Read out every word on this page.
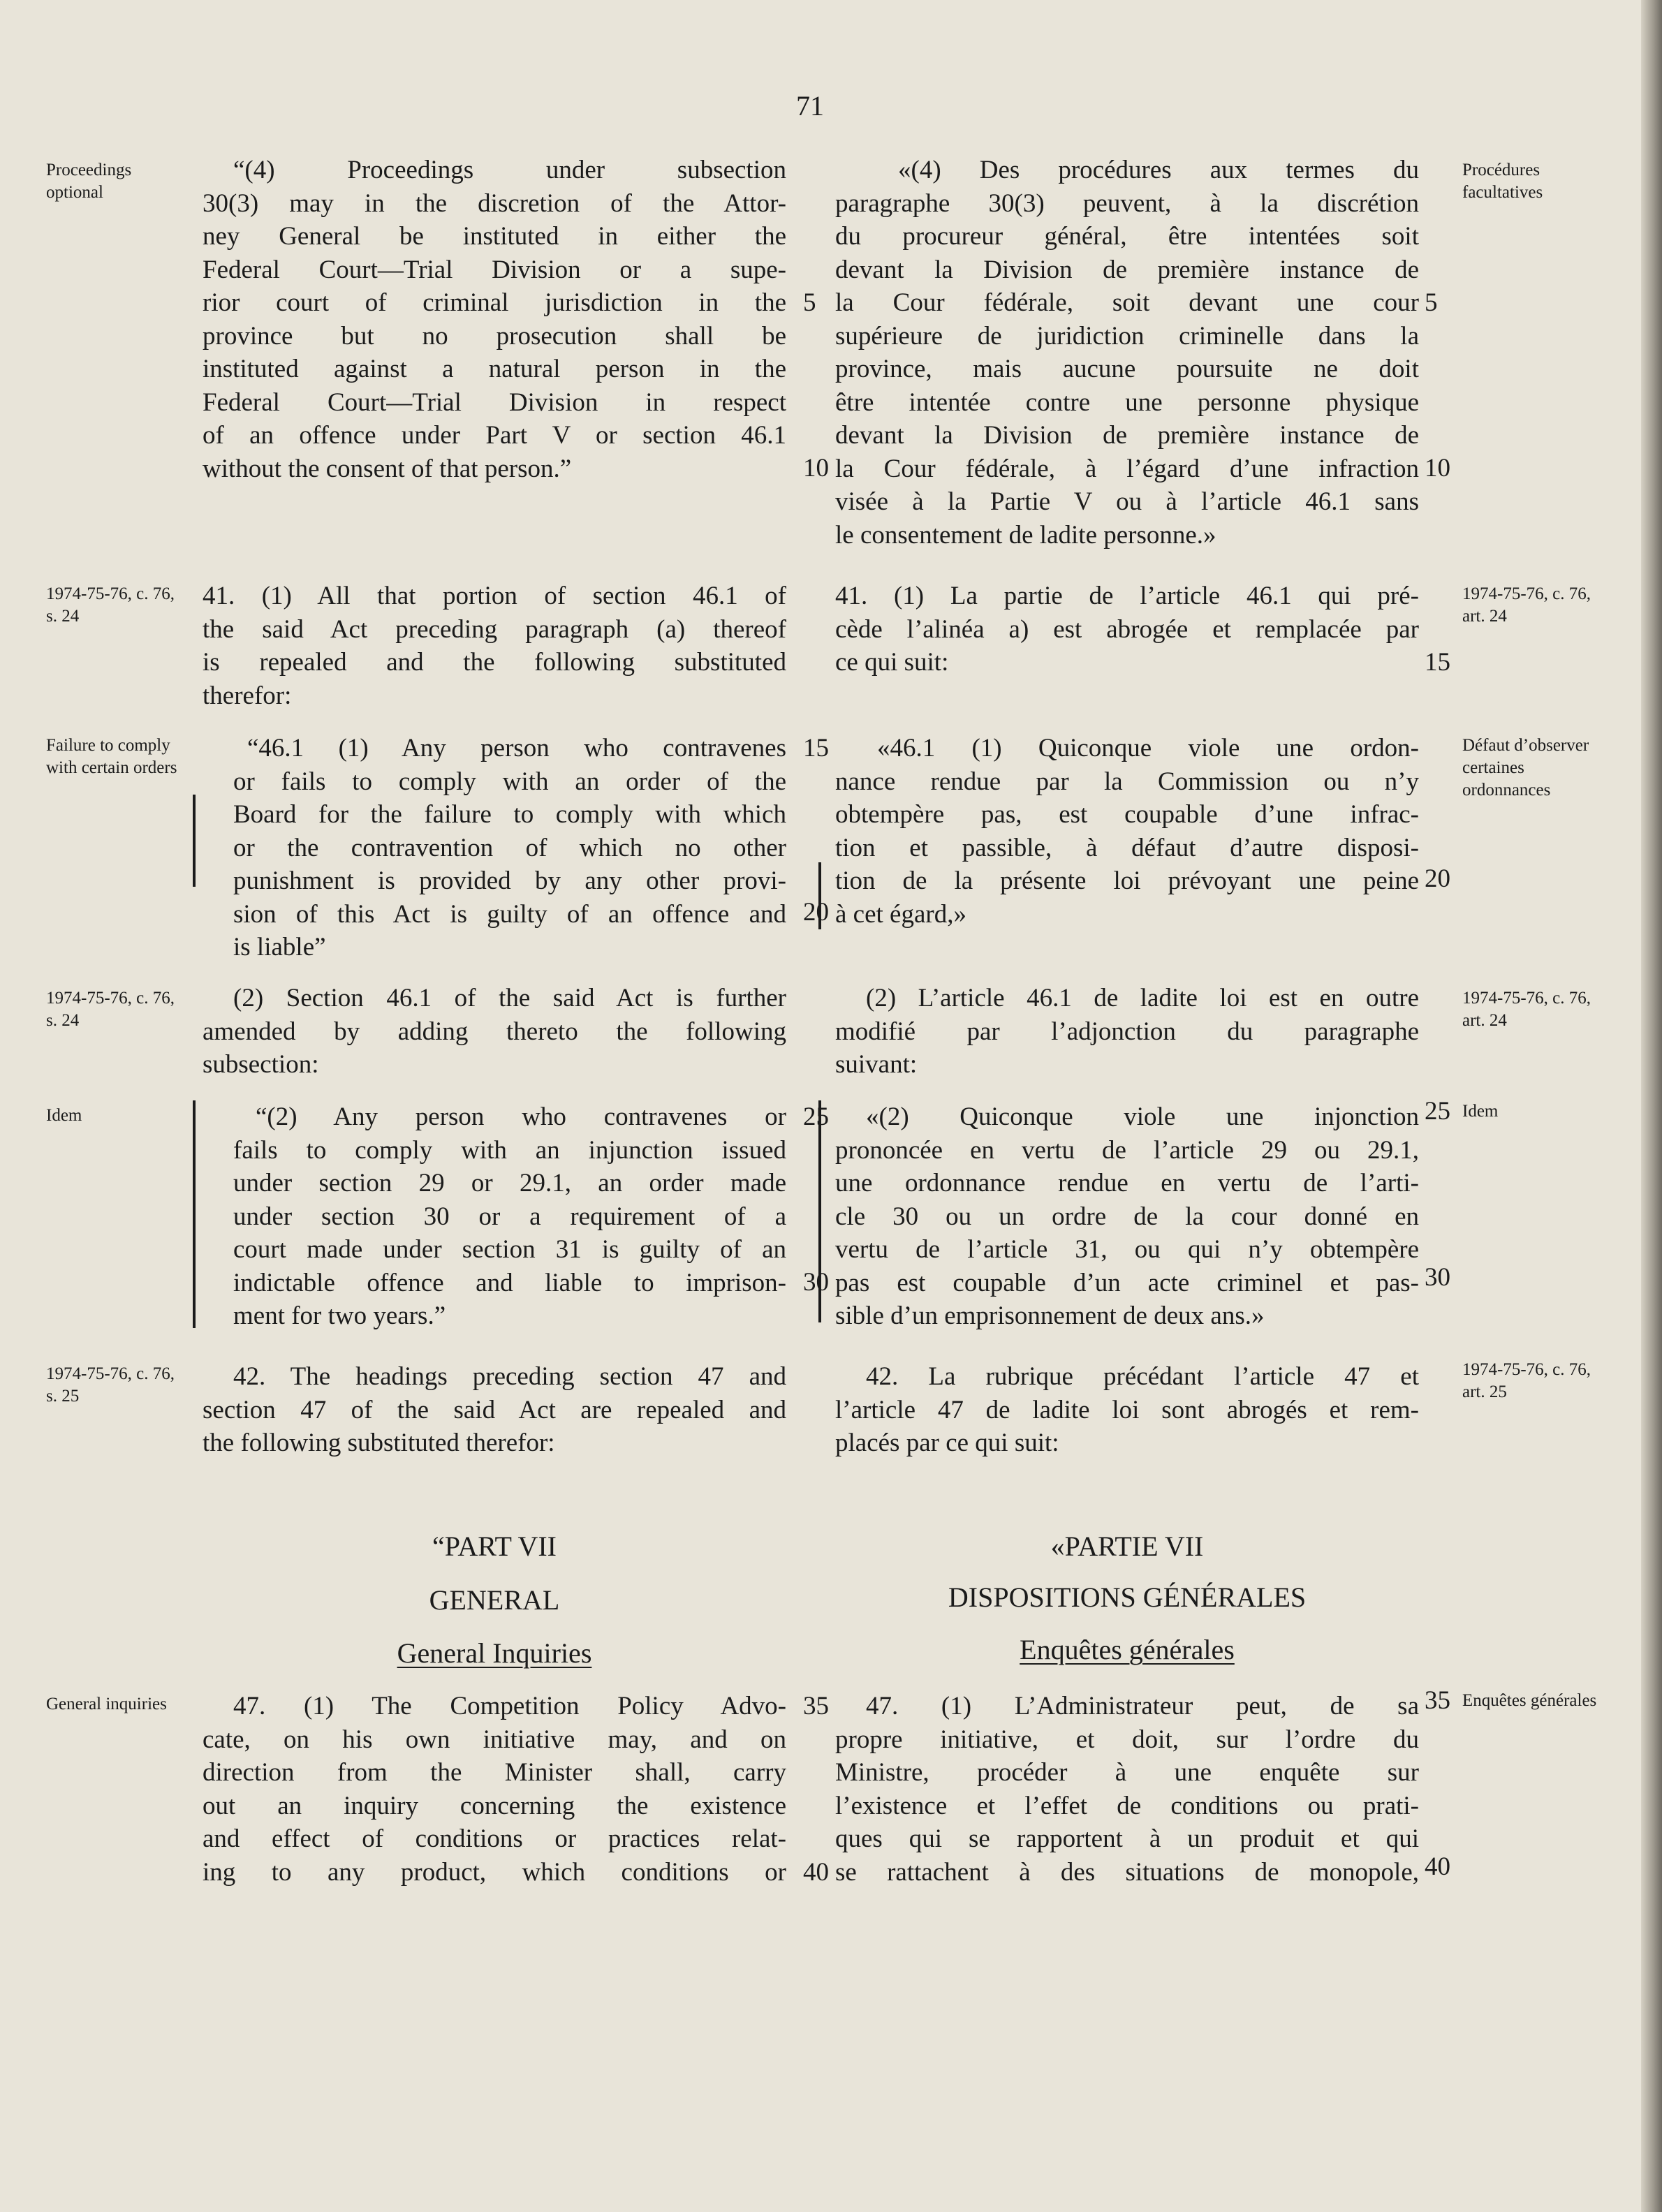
71
Proceedings optional
Procédures facultatives

“(4) Proceedings under subsection

30(3) may in the discretion of the Attor-

ney General be instituted in either the

Federal Court—Trial Division or a supe-

rior court of criminal jurisdiction in the

province but no prosecution shall be

instituted against a natural person in the

Federal Court—Trial Division in respect

of an offence under Part V or section 46.1

without the consent of that person.”

«(4) Des procédures aux termes du

paragraphe 30(3) peuvent, à la discrétion

du procureur général, être intentées soit

devant la Division de première instance de

la Cour fédérale, soit devant une cour

supérieure de juridiction criminelle dans la

province, mais aucune poursuite ne doit

être intentée contre une personne physique

devant la Division de première instance de

la Cour fédérale, à l’égard d’une infraction

visée à la Partie V ou à l’article 46.1 sans

le consentement de ladite personne.»

1974-75-76, c. 76, s. 24
1974-75-76, c. 76, art. 24

41. (1) All that portion of section 46.1 of

the said Act preceding paragraph (a) thereof

is repealed and the following substituted

therefor:

41. (1) La partie de l’article 46.1 qui pré-

cède l’alinéa a) est abrogée et remplacée par

ce qui suit:

Failure to comply with certain orders
Défaut d’observer certaines ordonnances

“46.1 (1) Any person who contravenes

or fails to comply with an order of the

Board for the failure to comply with which

or the contravention of which no other

punishment is provided by any other provi-

sion of this Act is guilty of an offence and

is liable”

«46.1 (1) Quiconque viole une ordon-

nance rendue par la Commission ou n’y

obtempère pas, est coupable d’une infrac-

tion et passible, à défaut d’autre disposi-

tion de la présente loi prévoyant une peine

à cet égard,»

1974-75-76, c. 76, s. 24
1974-75-76, c. 76, art. 24

(2) Section 46.1 of the said Act is further

amended by adding thereto the following

subsection:

(2) L’article 46.1 de ladite loi est en outre

modifié par l’adjonction du paragraphe

suivant:

Idem	Idem

“(2) Any person who contravenes or

fails to comply with an injunction issued

under section 29 or 29.1, an order made

under section 30 or a requirement of a

court made under section 31 is guilty of an

indictable offence and liable to imprison-

ment for two years.”

«(2) Quiconque viole une injonction

prononcée en vertu de l’article 29 ou 29.1,

une ordonnance rendue en vertu de l’arti-

cle 30 ou un ordre de la cour donné en

vertu de l’article 31, ou qui n’y obtempère

pas est coupable d’un acte criminel et pas-

sible d’un emprisonnement de deux ans.»

1974-75-76, c. 76, s. 25
1974-75-76, c. 76, art. 25

42. The headings preceding section 47 and

section 47 of the said Act are repealed and

the following substituted therefor:

42. La rubrique précédant l’article 47 et

l’article 47 de ladite loi sont abrogés et rem-

placés par ce qui suit:

“PART VII
GENERAL
General Inquiries
«PARTIE VII
DISPOSITIONS GÉNÉRALES
Enquêtes générales
General inquiries	Enquêtes générales

47. (1) The Competition Policy Advo-

cate, on his own initiative may, and on

direction from the Minister shall, carry

out an inquiry concerning the existence

and effect of conditions or practices relat-

ing to any product, which conditions or

47. (1) L’Administrateur peut, de sa

propre initiative, et doit, sur l’ordre du

Ministre, procéder à une enquête sur

l’existence et l’effet de conditions ou prati-

ques qui se rapportent à un produit et qui

se rattachent à des situations de monopole,

5
10
15
20
25
30
35
40
5
10
15
20
25
30
35
40
